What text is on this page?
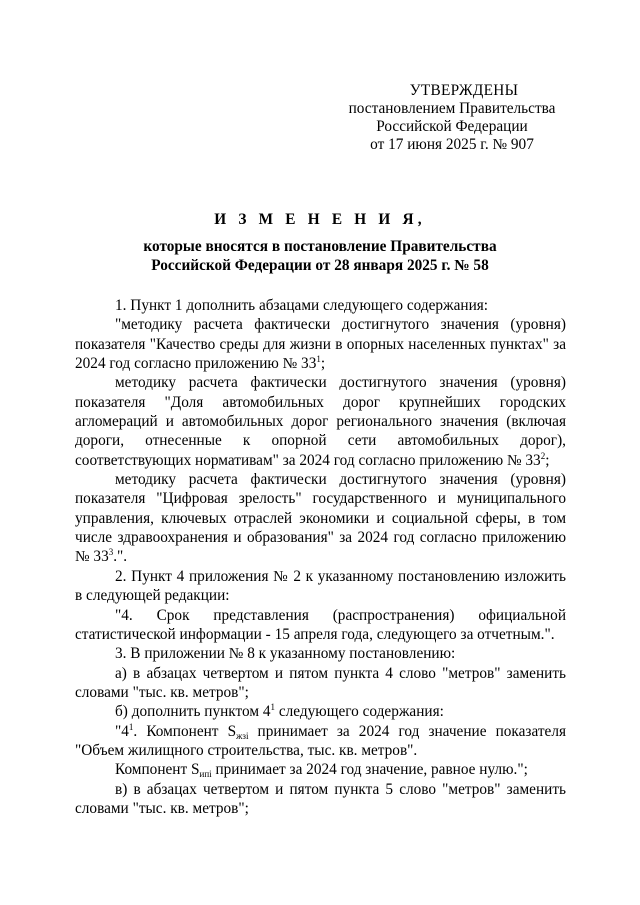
УТВЕРЖДЕНЫ
постановлением Правительства
Российской Федерации
от 17 июня 2025 г. № 907
И З М Е Н Е Н И Я,
которые вносятся в постановление Правительства
Российской Федерации от 28 января 2025 г. № 58

1. Пункт 1 дополнить абзацами следующего содержания:

"методику расчета фактически достигнутого значения (уровня) показателя "Качество среды для жизни в опорных населенных пунктах" за 2024 год согласно приложению № $33^1$;

методику расчета фактически достигнутого значения (уровня) показателя "Доля автомобильных дорог крупнейших городских агломераций и автомобильных дорог регионального значения (включая дороги, отнесенные к опорной сети автомобильных дорог), соответствующих нормативам" за 2024 год согласно приложению № $33^2$;

методику расчета фактически достигнутого значения (уровня) показателя "Цифровая зрелость" государственного и муниципального управления, ключевых отраслей экономики и социальной сферы, в том числе здравоохранения и образования" за 2024 год согласно приложению № $33^3$.".

2. Пункт 4 приложения № 2 к указанному постановлению изложить в следующей редакции:

"4. Срок представления (распространения) официальной статистической информации - 15 апреля года, следующего за отчетным.".

3. В приложении № 8 к указанному постановлению:

а) в абзацах четвертом и пятом пункта 4 слово "метров" заменить словами "тыс. кв. метров";

б) дополнить пунктом $4^1$ следующего содержания:

"$4^1$. Компонент $S_{жзi}$ принимает за 2024 год значение показателя "Объем жилищного строительства, тыс. кв. метров".

Компонент $S_{ипi}$ принимает за 2024 год значение, равное нулю.";

в) в абзацах четвертом и пятом пункта 5 слово "метров" заменить словами "тыс. кв. метров";
